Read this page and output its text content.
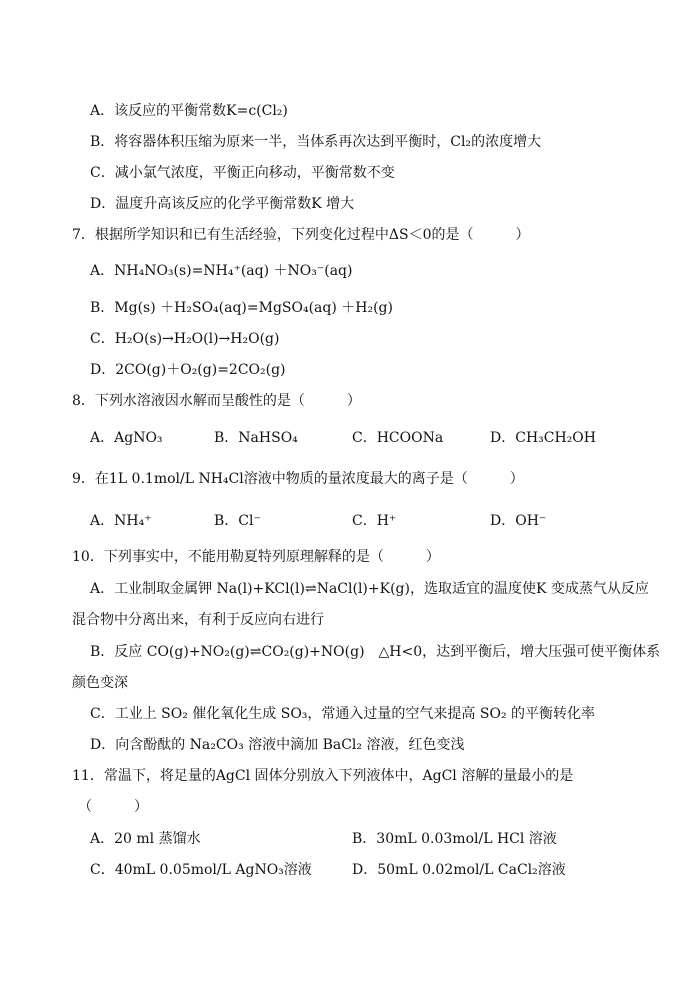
A．该反应的平衡常数K=c(Cl₂)
B．将容器体积压缩为原来一半，当体系再次达到平衡时，Cl₂的浓度增大
C．减小氯气浓度，平衡正向移动，平衡常数不变
D．温度升高该反应的化学平衡常数K 增大
7．根据所学知识和已有生活经验，下列变化过程中ΔS＜0的是（　　　）
A．NH₄NO₃(s)=NH₄⁺(aq) ＋NO₃⁻(aq)
B．Mg(s) ＋H₂SO₄(aq)=MgSO₄(aq) ＋H₂(g)
C．H₂O(s)→H₂O(l)→H₂O(g)
D．2CO(g)＋O₂(g)=2CO₂(g)
8．下列水溶液因水解而呈酸性的是（　　　）
A．AgNO₃	B．NaHSO₄	C．HCOONa	D．CH₃CH₂OH
9．在1L 0.1mol/L NH₄Cl溶液中物质的量浓度最大的离子是（　　　）
A．NH₄⁺	B．Cl⁻	C．H⁺	D．OH⁻
10．下列事实中，不能用勒夏特列原理解释的是（　　　）
A．工业制取金属钾 Na(l)+KCl(l)⇌NaCl(l)+K(g)，选取适宜的温度使K 变成蒸气从反应
混合物中分离出来，有利于反应向右进行
B．反应 CO(g)+NO₂(g)⇌CO₂(g)+NO(g)　△H<0，达到平衡后，增大压强可使平衡体系
颜色变深
C．工业上 SO₂ 催化氧化生成 SO₃，常通入过量的空气来提高 SO₂ 的平衡转化率
D．向含酚酞的 Na₂CO₃ 溶液中滴加 BaCl₂ 溶液，红色变浅
11．常温下，将足量的AgCl 固体分别放入下列液体中，AgCl 溶解的量最小的是
（　　　）
A．20 ml 蒸馏水	B．30mL 0.03mol/L HCl 溶液
C．40mL 0.05mol/L AgNO₃溶液	D．50mL 0.02mol/L CaCl₂溶液
